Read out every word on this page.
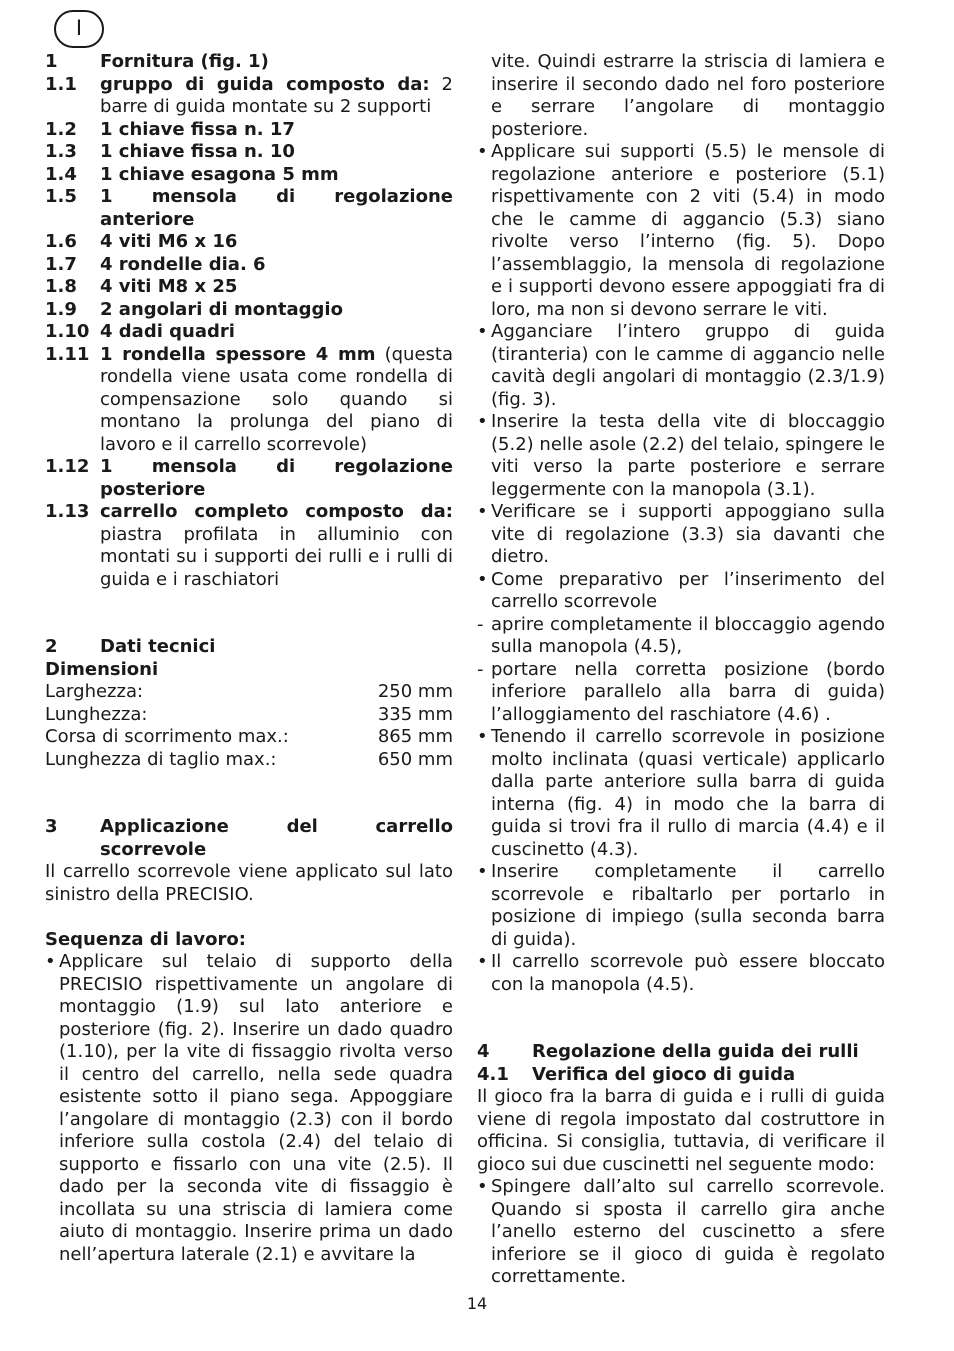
I
1	Fornitura (fig. 1)
1.1	gruppo di guida composto da: 2 barre di guida montate su 2 supporti
1.2	1 chiave fissa n. 17
1.3	1 chiave fissa n. 10
1.4	1 chiave esagona 5 mm
1.5	1 mensola di regolazione anteriore
1.6	4 viti M6 x 16
1.7	4 rondelle dia. 6
1.8	4 viti M8 x 25
1.9	2 angolari di montaggio
1.10 4 dadi quadri
1.11 1 rondella spessore 4 mm (questa rondella viene usata come rondella di compensazione solo quando si montano la prolunga del piano di lavoro e il carrello scorrevole)
1.12 1 mensola di regolazione posteriore
1.13 carrello completo composto da: piastra profilata in alluminio con montati su i supporti dei rulli e i rulli di guida e i raschiatori
2	Dati tecnici
Dimensioni
Larghezza:	250 mm
Lunghezza:	335 mm
Corsa di scorrimento max.:	865 mm
Lunghezza di taglio max.:	650 mm
3	Applicazione del carrello scorrevole
Il carrello scorrevole viene applicato sul lato sinistro della PRECISIO.
Sequenza di lavoro:
• Applicare sul telaio di supporto della PRECISIO rispettivamente un angolare di montaggio (1.9) sul lato anteriore e posteriore (fig. 2). Inserire un dado quadro (1.10), per la vite di fissaggio rivolta verso il centro del carrello, nella sede quadra esistente sotto il piano sega. Appoggiare l’angolare di montaggio (2.3) con il bordo inferiore sulla costola (2.4) del telaio di supporto e fissarlo con una vite (2.5). Il dado per la seconda vite di fissaggio è incollata su una striscia di lamiera come aiuto di montaggio. Inserire prima un dado nell’apertura laterale (2.1) e avvitare la
vite. Quindi estrarre la striscia di lamiera e inserire il secondo dado nel foro posteriore e serrare l’angolare di montaggio posteriore.
• Applicare sui supporti (5.5) le mensole di regolazione anteriore e posteriore (5.1) rispettivamente con 2 viti (5.4) in modo che le camme di aggancio (5.3) siano rivolte verso l’interno (fig. 5). Dopo l’assemblaggio, la mensola di regolazione e i supporti devono essere appoggiati fra di loro, ma non si devono serrare le viti.
• Agganciare l’intero gruppo di guida (tiranteria) con le camme di aggancio nelle cavità degli angolari di montaggio (2.3/1.9) (fig. 3).
• Inserire la testa della vite di bloccaggio (5.2) nelle asole (2.2) del telaio, spingere le viti verso la parte posteriore e serrare leggermente con la manopola (3.1).
• Verificare se i supporti appoggiano sulla vite di regolazione (3.3) sia davanti che dietro.
• Come preparativo per l’inserimento del carrello scorrevole
- aprire completamente il bloccaggio agendo sulla manopola (4.5),
- portare nella corretta posizione (bordo inferiore parallelo alla barra di guida) l’alloggiamento del raschiatore (4.6) .
• Tenendo il carrello scorrevole in posizione molto inclinata (quasi verticale) applicarlo dalla parte anteriore sulla barra di guida interna (fig. 4) in modo che la barra di guida si trovi fra il rullo di marcia (4.4) e il cuscinetto (4.3).
• Inserire completamente il carrello scorrevole e ribaltarlo per portarlo in posizione di impiego (sulla seconda barra di guida).
• Il carrello scorrevole può essere bloccato con la manopola (4.5).
4	Regolazione della guida dei rulli
4.1	Verifica del gioco di guida
Il gioco fra la barra di guida e i rulli di guida viene di regola impostato dal costruttore in officina. Si consiglia, tuttavia, di verificare il gioco sui due cuscinetti nel seguente modo:
• Spingere dall’alto sul carrello scorrevole. Quando si sposta il carrello gira anche l’anello esterno del cuscinetto a sfere inferiore se il gioco di guida è regolato correttamente.
14
